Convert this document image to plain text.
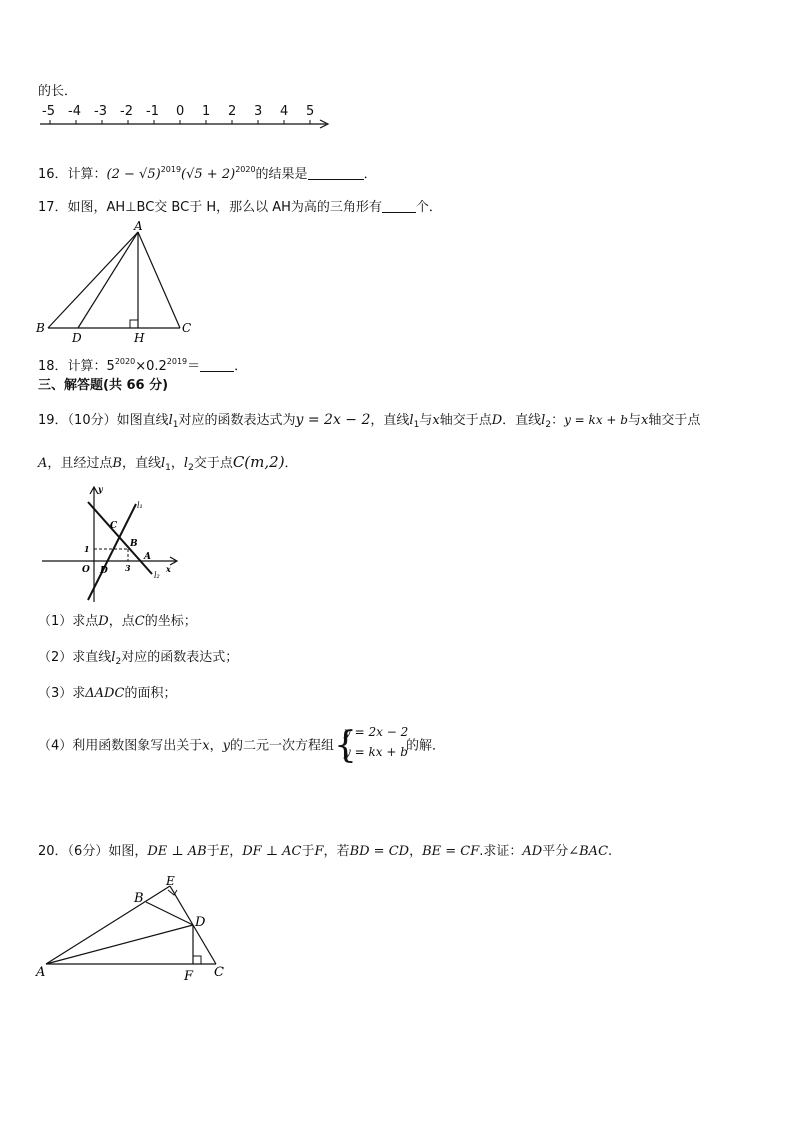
的长．
-5 -4 -3 -2 -1 0 1 2 3 4 5
16．计算：$(2 - √5)^{2019}(√5 + 2)^{2020}$的结果是	．
17．如图，AH⊥BC交 BC于 H，那么以 AH为高的三角形有	个．
A
B	C
D	H
18．计算：$5^{2020}\times 0.2^{2019}=$	．
三、解答题(共 66 分)
19．（10分）如图直线$l_1$对应的函数表达式为y = 2x − 2，直线$l_1$与x轴交于点D．直线$l_2$：y = kx + b与x轴交于点
A，且经过点B，直线$l_1$，$l_2$交于点C(m,2)．
y
x
l₁
l₂
C
B
A
O D
1
3
（1）求点D，点C的坐标；
（2）求直线$l_2$对应的函数表达式；
（3）求ΔADC的面积；
（4）利用函数图象写出关于x，y的二元一次方程组 {
y = 2x − 2
y = kx + b
的解．
20．（6分）如图，DE ⊥ AB于E，DF ⊥ AC于F，若BD = CD，BE = CF.求证：AD平分∠BAC.
A
B
E
D
F C
